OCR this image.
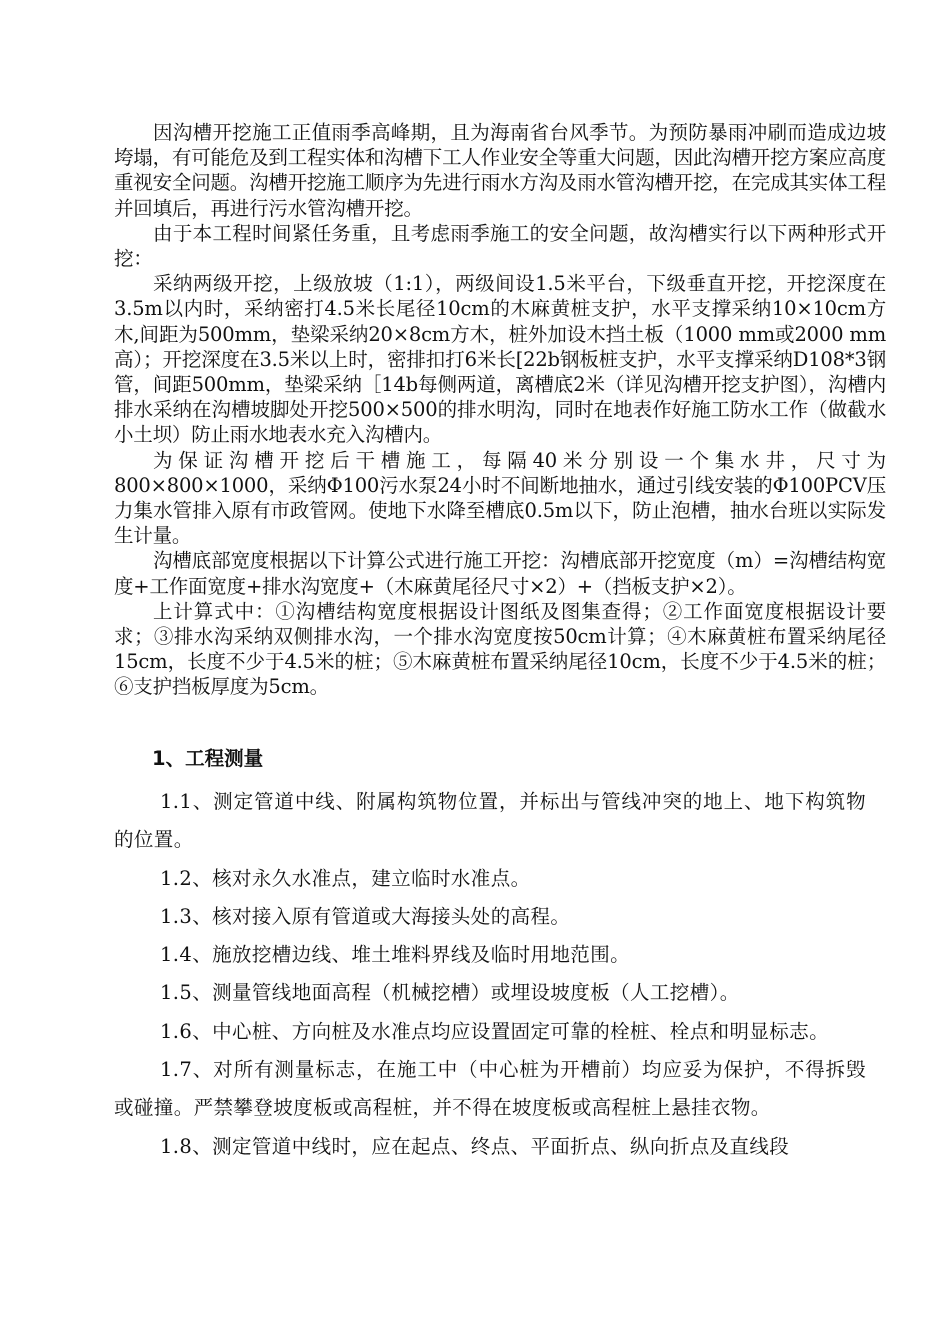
因沟槽开挖施工正值雨季高峰期，且为海南省台风季节。为预防暴雨冲刷而造成边坡垮塌，有可能危及到工程实体和沟槽下工人作业安全等重大问题，因此沟槽开挖方案应高度重视安全问题。沟槽开挖施工顺序为先进行雨水方沟及雨水管沟槽开挖，在完成其实体工程并回填后，再进行污水管沟槽开挖。

由于本工程时间紧任务重，且考虑雨季施工的安全问题，故沟槽实行以下两种形式开挖：

采纳两级开挖，上级放坡（1:1），两级间设1.5米平台，下级垂直开挖，开挖深度在3.5m以内时，采纳密打4.5米长尾径10cm的木麻黄桩支护，水平支撑采纳10×10cm方木,间距为500mm，垫梁采纳20×8cm方木，桩外加设木挡土板（1000 mm或2000 mm高）；开挖深度在3.5米以上时，密排扣打6米长[22b钢板桩支护，水平支撑采纳D108*3钢管，间距500mm，垫梁采纳［14b每侧两道，离槽底2米（详见沟槽开挖支护图），沟槽内排水采纳在沟槽坡脚处开挖500×500的排水明沟，同时在地表作好施工防水工作（做截水小土坝）防止雨水地表水充入沟槽内。

为保证沟槽开挖后干槽施工，每隔40米分别设一个集水井，尺寸为800×800×1000，采纳Φ100污水泵24小时不间断地抽水，通过引线安装的Φ100PCV压力集水管排入原有市政管网。使地下水降至槽底0.5m以下，防止泡槽，抽水台班以实际发生计量。

沟槽底部宽度根据以下计算公式进行施工开挖：沟槽底部开挖宽度（m）=沟槽结构宽度+工作面宽度+排水沟宽度+（木麻黄尾径尺寸×2）+（挡板支护×2）。

上计算式中：①沟槽结构宽度根据设计图纸及图集查得；②工作面宽度根据设计要求；③排水沟采纳双侧排水沟，一个排水沟宽度按50cm计算；④木麻黄桩布置采纳尾径15cm，长度不少于4.5米的桩；⑤木麻黄桩布置采纳尾径10cm，长度不少于4.5米的桩；⑥支护挡板厚度为5cm。

1、工程测量

1.1、测定管道中线、附属构筑物位置，并标出与管线冲突的地上、地下构筑物的位置。

1.2、核对永久水准点，建立临时水准点。

1.3、核对接入原有管道或大海接头处的高程。

1.4、施放挖槽边线、堆土堆料界线及临时用地范围。

1.5、测量管线地面高程（机械挖槽）或埋设坡度板（人工挖槽）。

1.6、中心桩、方向桩及水准点均应设置固定可靠的栓桩、栓点和明显标志。

1.7、对所有测量标志，在施工中（中心桩为开槽前）均应妥为保护，不得拆毁或碰撞。严禁攀登坡度板或高程桩，并不得在坡度板或高程桩上悬挂衣物。

1.8、测定管道中线时，应在起点、终点、平面折点、纵向折点及直线段
